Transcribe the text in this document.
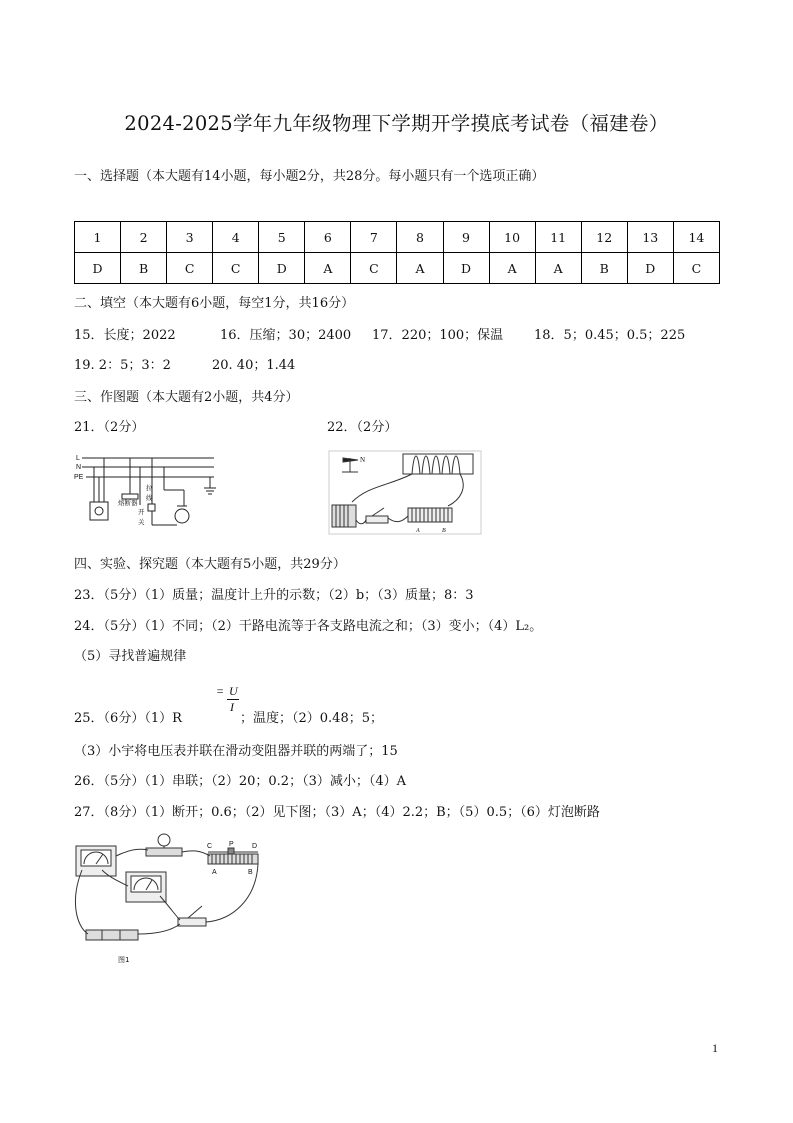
2024-2025学年九年级物理下学期开学摸底考试卷（福建卷）
一、选择题（本大题有14小题，每小题2分，共28分。每小题只有一个选项正确）
1	2	3	4	5	6	7	8	9	10	11	12	13	14
D	B	C	C	D	A	C	A	D	A	A	B	D	C
二、填空（本大题有6小题，每空1分，共16分）
15．长度；2022	16．压缩；30；2400 17．220；100；保温 18．5；0.45；0.5；225
19. 2：5；3：2	20. 40；1.44
三、作图题（本大题有2小题，共4分）
21．（2分）	22．（2分）
L
N
PE
熔断器
拉
线
开
关
N
A	B
四、实验、探究题（本大题有5小题，共29分）
23．（5分）（1）质量；温度计上升的示数；（2）b；（3）质量；8：3
24．（5分）（1）不同；（2）干路电流等于各支路电流之和；（3）变小；（4）L₂。
（5）寻找普遍规律
25．（6分）（1）R
= U
I
；温度；（2）0.48；5；
（3）小宇将电压表并联在滑动变阻器并联的两端了；15
26．（5分）（1）串联；（2）20；0.2；（3）减小；（4）A
27．（8分）（1）断开；0.6；（2）见下图；（3）A；（4）2.2；B；（5）0.5；（6）灯泡断路
C P	D
A	B
图1
1
